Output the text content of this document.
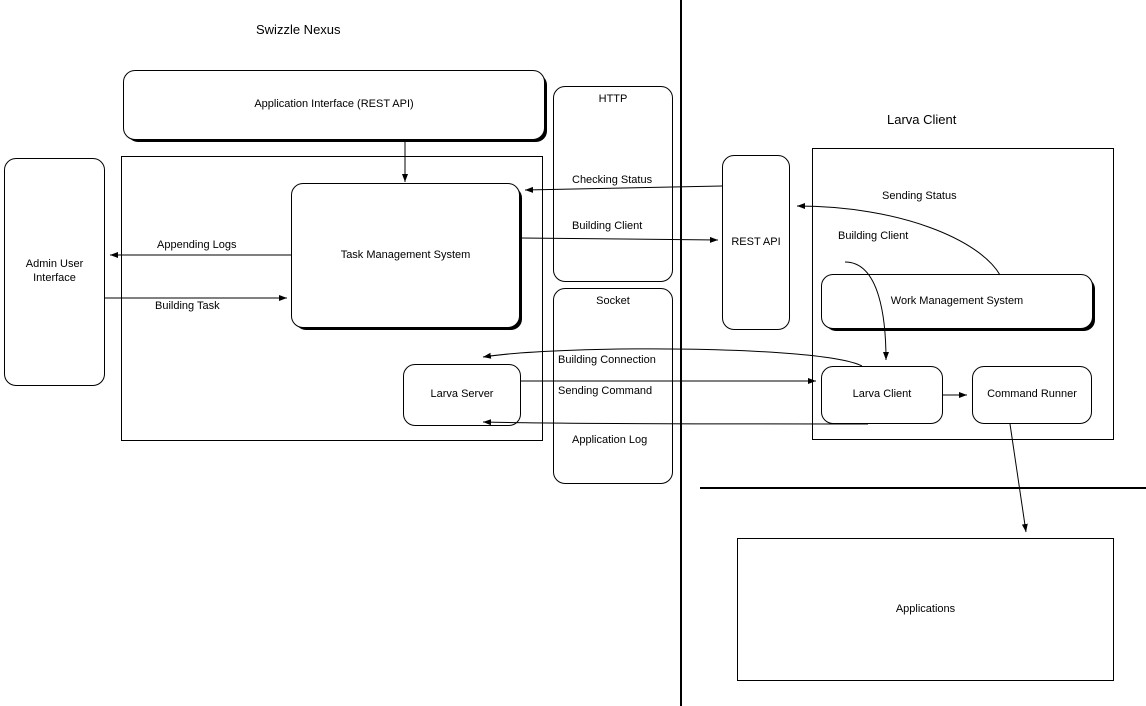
Swizzle Nexus
Larva Client
Admin User Interface
Application Interface (REST API)
Task Management System
Larva Server
HTTP
Socket
REST API
Work Management System
Larva Client	Command Runner
Applications
Appending Logs
Building Task
Checking Status
Building Client
Sending Status
Building Client
Building Connection
Sending Command
Application Log
